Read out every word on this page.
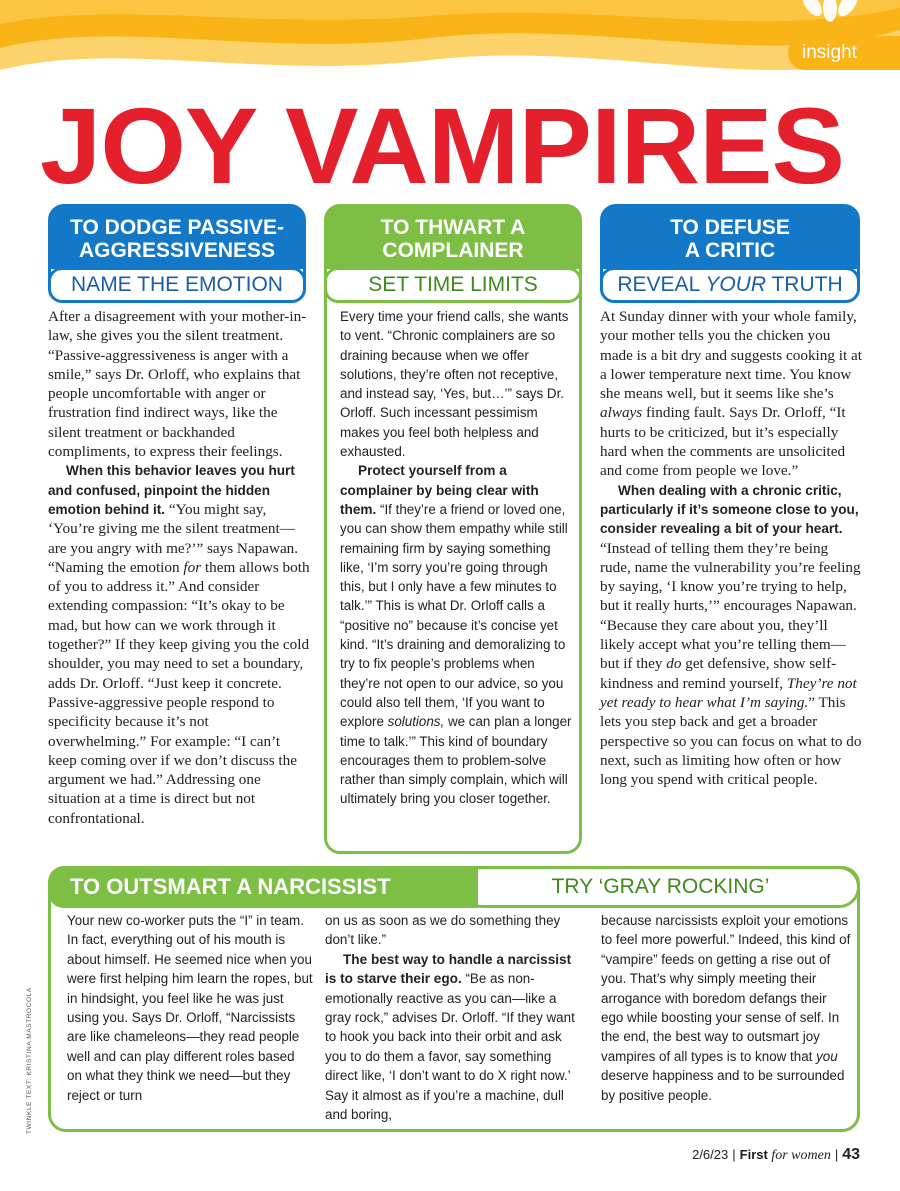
insight
JOY VAMPIRES
TO DODGE PASSIVE-
AGGRESSIVENESS
NAME THE EMOTION

After a disagreement with your mother-in-law, she gives you the silent treatment. “Passive-aggressiveness is anger with a smile,” says Dr. Orloff, who explains that people uncomfortable with anger or frustration find indirect ways, like the silent treatment or backhanded compliments, to express their feelings.

When this behavior leaves you hurt and confused, pinpoint the hidden emotion behind it. “You might say, ‘You’re giving me the silent treatment—are you angry with me?’” says Napawan. “Naming the emotion for them allows both of you to address it.” And consider extending compassion: “It’s okay to be mad, but how can we work through it together?” If they keep giving you the cold shoulder, you may need to set a boundary, adds Dr. Orloff. “Just keep it concrete. Passive-aggressive people respond to specificity because it’s not overwhelming.” For example: “I can’t keep coming over if we don’t discuss the argument we had.” Addressing one situation at a time is direct but not confrontational.

TO THWART A
COMPLAINER
SET TIME LIMITS

Every time your friend calls, she wants to vent. “Chronic complainers are so draining because when we offer solutions, they’re often not receptive, and instead say, ‘Yes, but…’” says Dr. Orloff. Such incessant pessimism makes you feel both helpless and exhausted.

Protect yourself from a complainer by being clear with them. “If they’re a friend or loved one, you can show them empathy while still remaining firm by saying something like, ‘I’m sorry you’re going through this, but I only have a few minutes to talk.’” This is what Dr. Orloff calls a “positive no” because it’s concise yet kind. “It’s draining and demoralizing to try to fix people’s problems when they’re not open to our advice, so you could also tell them, ‘If you want to explore solutions, we can plan a longer time to talk.’” This kind of boundary encourages them to problem-solve rather than simply complain, which will ultimately bring you closer together.

TO DEFUSE
A CRITIC
REVEAL YOUR TRUTH

At Sunday dinner with your whole family, your mother tells you the chicken you made is a bit dry and suggests cooking it at a lower temperature next time. You know she means well, but it seems like she’s always finding fault. Says Dr. Orloff, “It hurts to be criticized, but it’s especially hard when the comments are unsolicited and come from people we love.”

When dealing with a chronic critic, particularly if it’s someone close to you, consider revealing a bit of your heart. “Instead of telling them they’re being rude, name the vulnerability you’re feeling by saying, ‘I know you’re trying to help, but it really hurts,’” encourages Napawan. “Because they care about you, they’ll likely accept what you’re telling them—but if they do get defensive, show self-kindness and remind yourself, They’re not yet ready to hear what I’m saying.” This lets you step back and get a broader perspective so you can focus on what to do next, such as limiting how often or how long you spend with critical people.

TRY ‘GRAY ROCKING’
TO OUTSMART A NARCISSIST
Your new co-worker puts the “I” in team. In fact, everything out of his mouth is about himself. He seemed nice when you were first helping him learn the ropes, but in hindsight, you feel like he was just using you. Says Dr. Orloff, “Narcissists are like chameleons—they read people well and can play different roles based on what they think we need—but they reject or turn
on us as soon as we do something they don’t like.”
The best way to handle a narcissist is to starve their ego. “Be as non-emotionally reactive as you can—like a gray rock,” advises Dr. Orloff. “If they want to hook you back into their orbit and ask you to do them a favor, say something direct like, ‘I don’t want to do X right now.’ Say it almost as if you’re a machine, dull and boring,
because narcissists exploit your emotions to feel more powerful.” Indeed, this kind of “vampire” feeds on getting a rise out of you. That’s why simply meeting their arrogance with boredom defangs their ego while boosting your sense of self. In the end, the best way to outsmart joy vampires of all types is to know that you deserve happiness and to be surrounded by positive people.
TWINKLE TEXT: KRISTINA MASTROCOLA
2/6/23 | First for women | 43
